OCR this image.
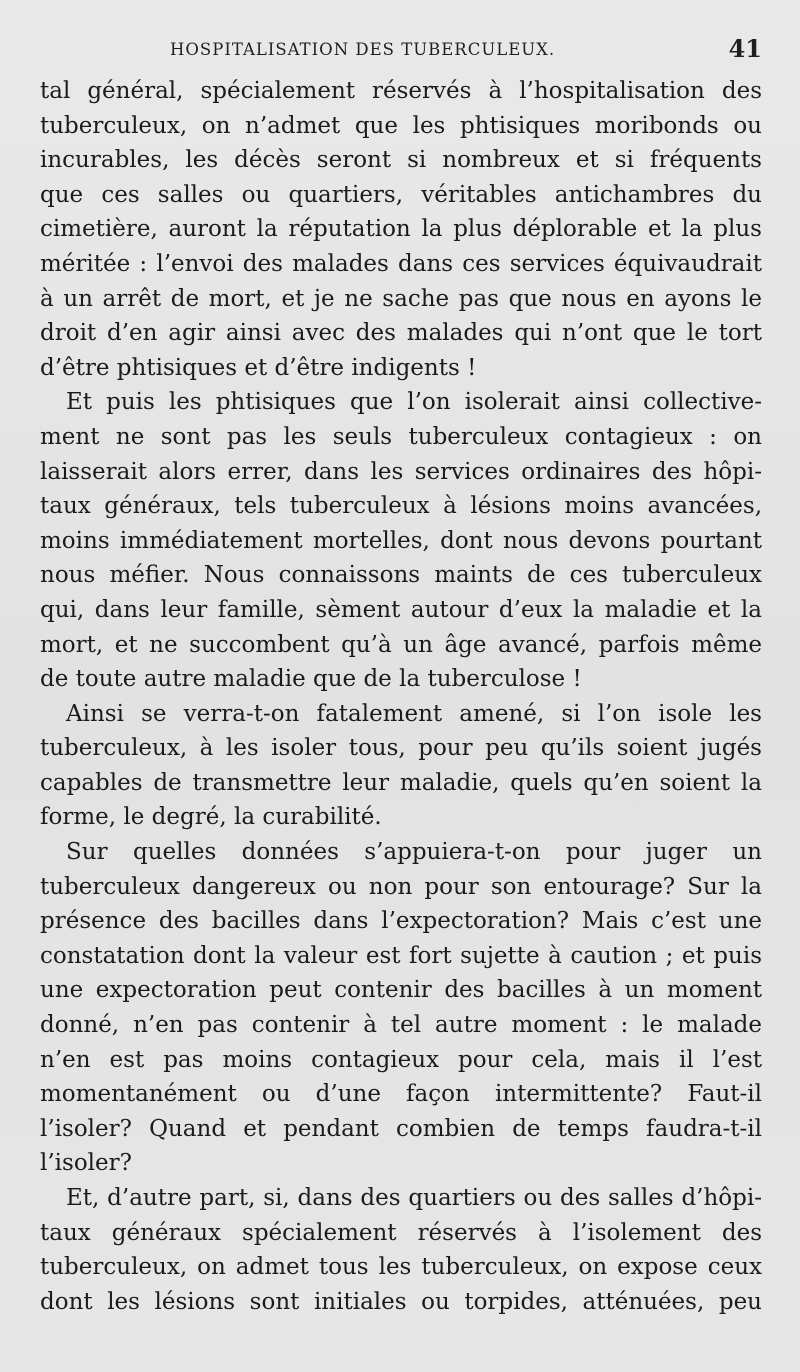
HOSPITALISATION DES TUBERCULEUX.	41
tal général, spécialement réservés à l’hospitalisation des
tuberculeux, on n’admet que les phtisiques moribonds ou
incurables, les décès seront si nombreux et si fréquents
que ces salles ou quartiers, véritables antichambres du
cimetière, auront la réputation la plus déplorable et la plus
méritée : l’envoi des malades dans ces services équivaudrait
à un arrêt de mort, et je ne sache pas que nous en ayons le
droit d’en agir ainsi avec des malades qui n’ont que le tort
d’être phtisiques et d’être indigents !
Et puis les phtisiques que l’on isolerait ainsi collective-
ment ne sont pas les seuls tuberculeux contagieux : on
laisserait alors errer, dans les services ordinaires des hôpi-
taux généraux, tels tuberculeux à lésions moins avancées,
moins immédiatement mortelles, dont nous devons pourtant
nous méfier. Nous connaissons maints de ces tuberculeux
qui, dans leur famille, sèment autour d’eux la maladie et la
mort, et ne succombent qu’à un âge avancé, parfois même
de toute autre maladie que de la tuberculose !
Ainsi se verra-t-on fatalement amené, si l’on isole les
tuberculeux, à les isoler tous, pour peu qu’ils soient jugés
capables de transmettre leur maladie, quels qu’en soient la
forme, le degré, la curabilité.
Sur quelles données s’appuiera-t-on pour juger un
tuberculeux dangereux ou non pour son entourage? Sur la
présence des bacilles dans l’expectoration? Mais c’est une
constatation dont la valeur est fort sujette à caution ; et puis
une expectoration peut contenir des bacilles à un moment
donné, n’en pas contenir à tel autre moment : le malade
n’en est pas moins contagieux pour cela, mais il l’est
momentanément ou d’une façon intermittente? Faut-il
l’isoler? Quand et pendant combien de temps faudra-t-il
l’isoler?
Et, d’autre part, si, dans des quartiers ou des salles d’hôpi-
taux généraux spécialement réservés à l’isolement des
tuberculeux, on admet tous les tuberculeux, on expose ceux
dont les lésions sont initiales ou torpides, atténuées, peu
